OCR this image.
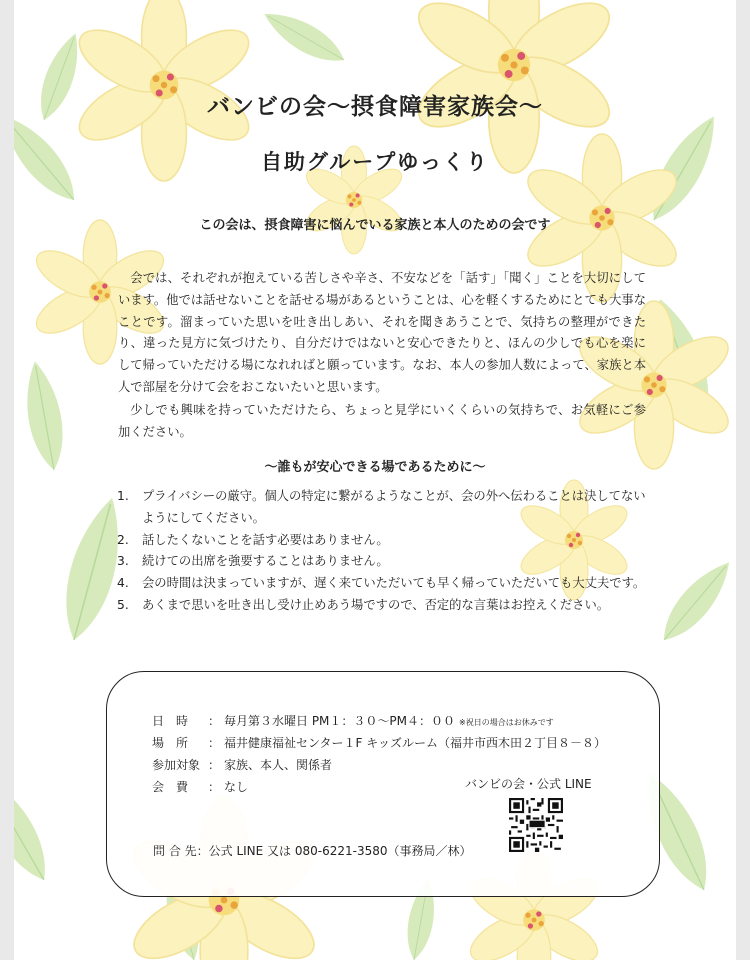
バンビの会〜摂食障害家族会〜
自助グループゆっくり
この会は、摂食障害に悩んでいる家族と本人のための会です

会では、それぞれが抱えている苦しさや辛さ、不安などを「話す」「聞く」ことを大切にしています。他では話せないことを話せる場があるということは、心を軽くするためにとても大事なことです。溜まっていた思いを吐き出しあい、それを聞きあうことで、気持ちの整理ができたり、違った見方に気づけたり、自分だけではないと安心できたりと、ほんの少しでも心を楽にして帰っていただける場になれればと願っています。なお、本人の参加人数によって、家族と本人で部屋を分けて会をおこないたいと思います。

少しでも興味を持っていただけたら、ちょっと見学にいくくらいの気持ちで、お気軽にご参加ください。

〜誰もが安心できる場であるために〜
1. プライバシーの厳守。個人の特定に繋がるようなことが、会の外へ伝わることは決してないようにしてください。
2. 話したくないことを話す必要はありません。
3. 続けての出席を強要することはありません。
4. 会の時間は決まっていますが、遅く来ていただいても早く帰っていただいても大丈夫です。
5. あくまで思いを吐き出し受け止めあう場ですので、否定的な言葉はお控えください。
日時 ： 毎月第３水曜日 PM１：３０〜PM４：００ ※祝日の場合はお休みです
場所 ： 福井健康福祉センター１F キッズルーム（福井市西木田２丁目８－８）
参加対象 ： 家族、本人、関係者
会費 ： なし	バンビの会・公式 LINE
問 合 先：公式 LINE 又は 080-6221-3580（事務局／林）
